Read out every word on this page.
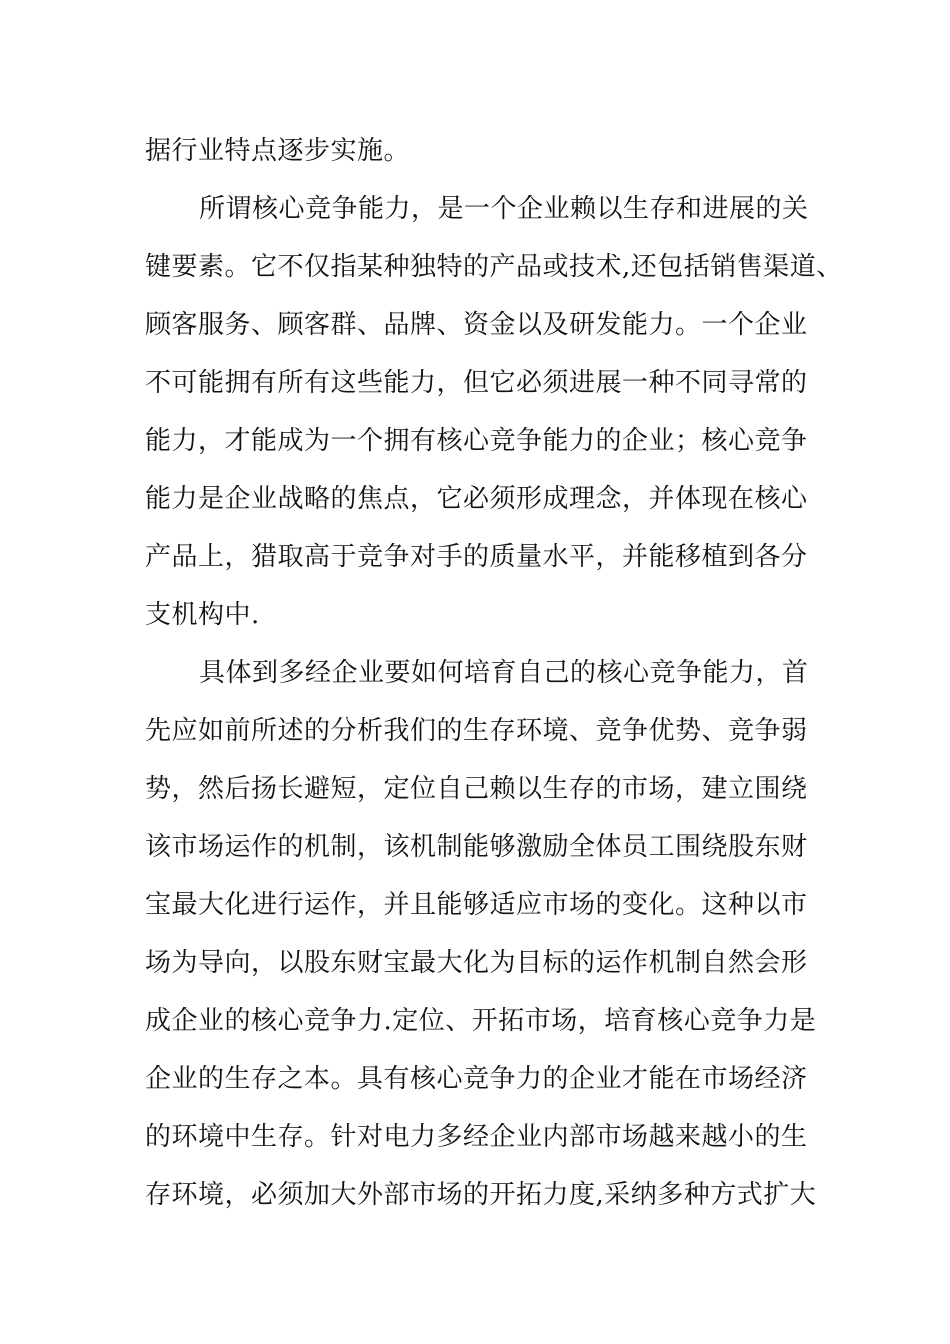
据行业特点逐步实施。
所谓核心竞争能力，是一个企业赖以生存和进展的关
键要素。它不仅指某种独特的产品或技术,还包括销售渠道、
顾客服务、顾客群、品牌、资金以及研发能力。一个企业
不可能拥有所有这些能力，但它必须进展一种不同寻常的
能力，才能成为一个拥有核心竞争能力的企业；核心竞争
能力是企业战略的焦点，它必须形成理念，并体现在核心
产品上，猎取高于竞争对手的质量水平，并能移植到各分
支机构中.
具体到多经企业要如何培育自己的核心竞争能力，首
先应如前所述的分析我们的生存环境、竞争优势、竞争弱
势，然后扬长避短，定位自己赖以生存的市场，建立围绕
该市场运作的机制，该机制能够激励全体员工围绕股东财
宝最大化进行运作，并且能够适应市场的变化。这种以市
场为导向，以股东财宝最大化为目标的运作机制自然会形
成企业的核心竞争力.定位、开拓市场，培育核心竞争力是
企业的生存之本。具有核心竞争力的企业才能在市场经济
的环境中生存。针对电力多经企业内部市场越来越小的生
存环境，必须加大外部市场的开拓力度,采纳多种方式扩大
